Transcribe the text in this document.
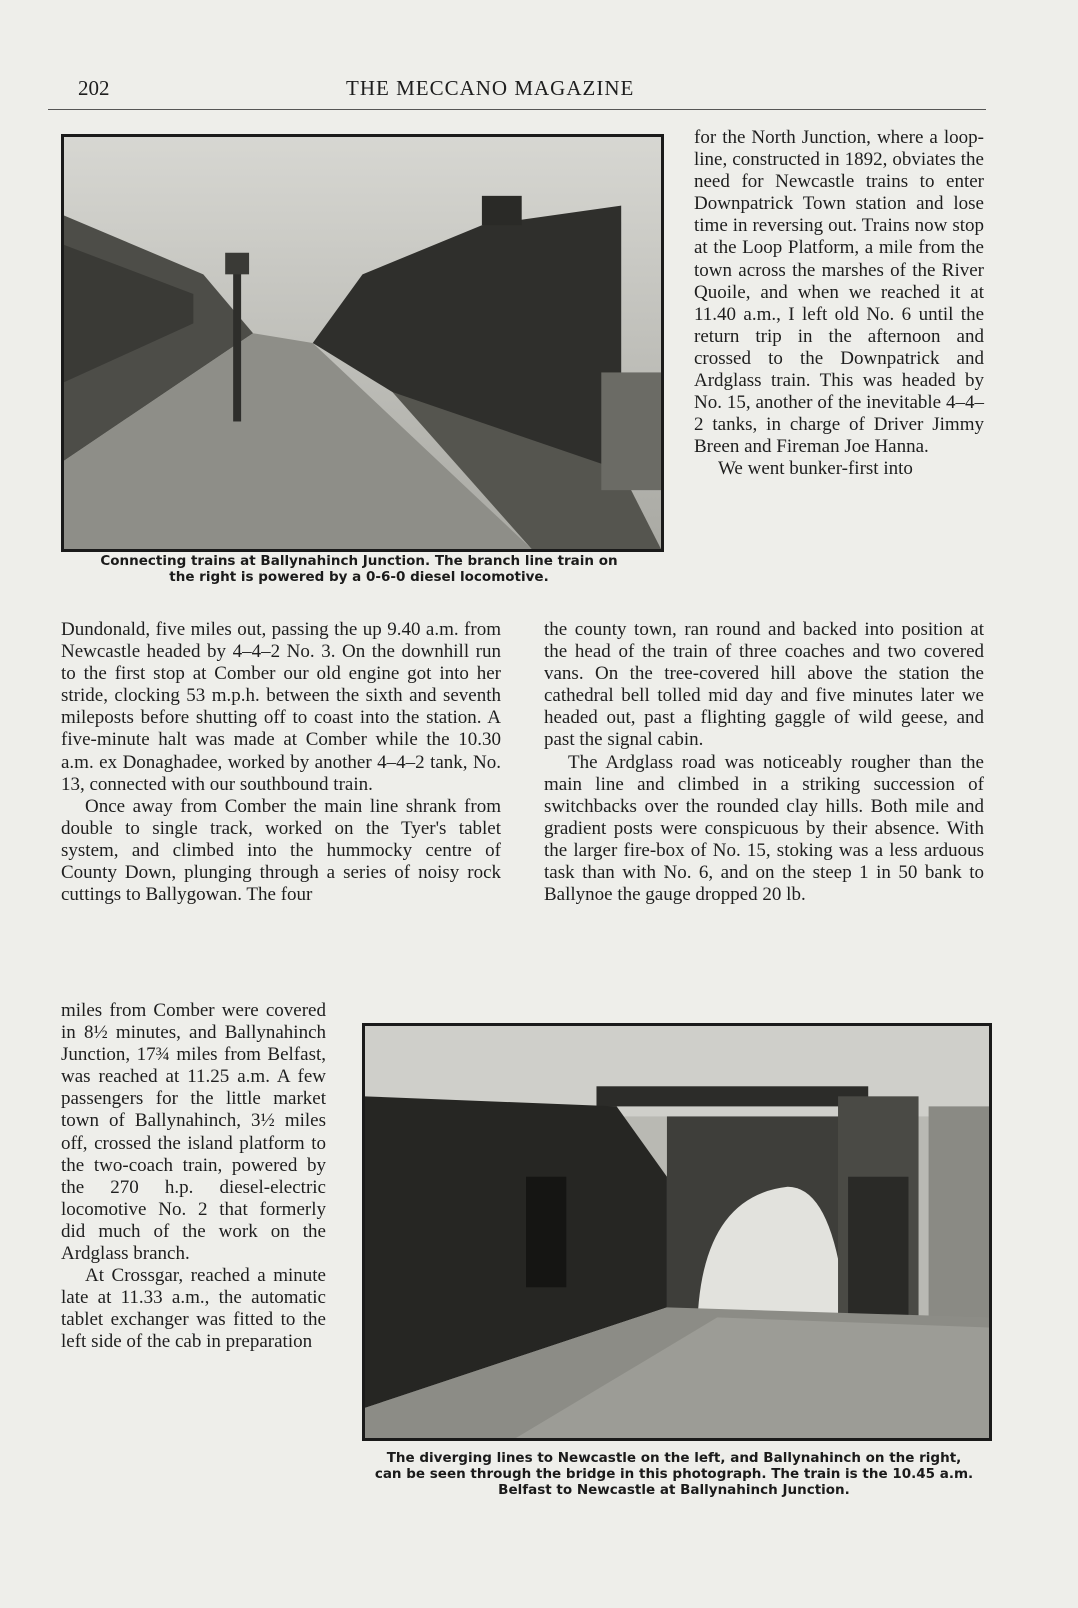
202	THE MECCANO MAGAZINE
Connecting trains at Ballynahinch Junction. The branch line train on
the right is powered by a 0-6-0 diesel locomotive.

for the North Junction, where a loop-line, constructed in 1892, obviates the need for Newcastle trains to enter Downpatrick Town station and lose time in reversing out. Trains now stop at the Loop Platform, a mile from the town across the marshes of the River Quoile, and when we reached it at 11.40 a.m., I left old No. 6 until the return trip in the afternoon and crossed to the Downpatrick and Ardglass train. This was headed by No. 15, another of the inevitable 4–4–2 tanks, in charge of Driver Jimmy Breen and Fireman Joe Hanna.

We went bunker-first into

Dundonald, five miles out, passing the up 9.40 a.m. from Newcastle headed by 4–4–2 No. 3. On the downhill run to the first stop at Comber our old engine got into her stride, clocking 53 m.p.h. between the sixth and seventh mileposts before shutting off to coast into the station. A five-minute halt was made at Comber while the 10.30 a.m. ex Donaghadee, worked by another 4–4–2 tank, No. 13, connected with our southbound train.

Once away from Comber the main line shrank from double to single track, worked on the Tyer's tablet system, and climbed into the hummocky centre of County Down, plunging through a series of noisy rock cuttings to Ballygowan. The four

the county town, ran round and backed into position at the head of the train of three coaches and two covered vans. On the tree-covered hill above the station the cathedral bell tolled mid day and five minutes later we headed out, past a flighting gaggle of wild geese, and past the signal cabin.

The Ardglass road was noticeably rougher than the main line and climbed in a striking succession of switchbacks over the rounded clay hills. Both mile and gradient posts were conspicuous by their absence. With the larger fire-box of No. 15, stoking was a less arduous task than with No. 6, and on the steep 1 in 50 bank to Ballynoe the gauge dropped 20 lb.

miles from Comber were covered in 8½ minutes, and Ballynahinch Junction, 17¾ miles from Belfast, was reached at 11.25 a.m. A few passengers for the little market town of Ballynahinch, 3½ miles off, crossed the island platform to the two-coach train, powered by the 270 h.p. diesel-electric locomotive No. 2 that formerly did much of the work on the Ardglass branch.

At Crossgar, reached a minute late at 11.33 a.m., the automatic tablet exchanger was fitted to the left side of the cab in preparation

The diverging lines to Newcastle on the left, and Ballynahinch on the right,
can be seen through the bridge in this photograph. The train is the 10.45 a.m.
Belfast to Newcastle at Ballynahinch Junction.
